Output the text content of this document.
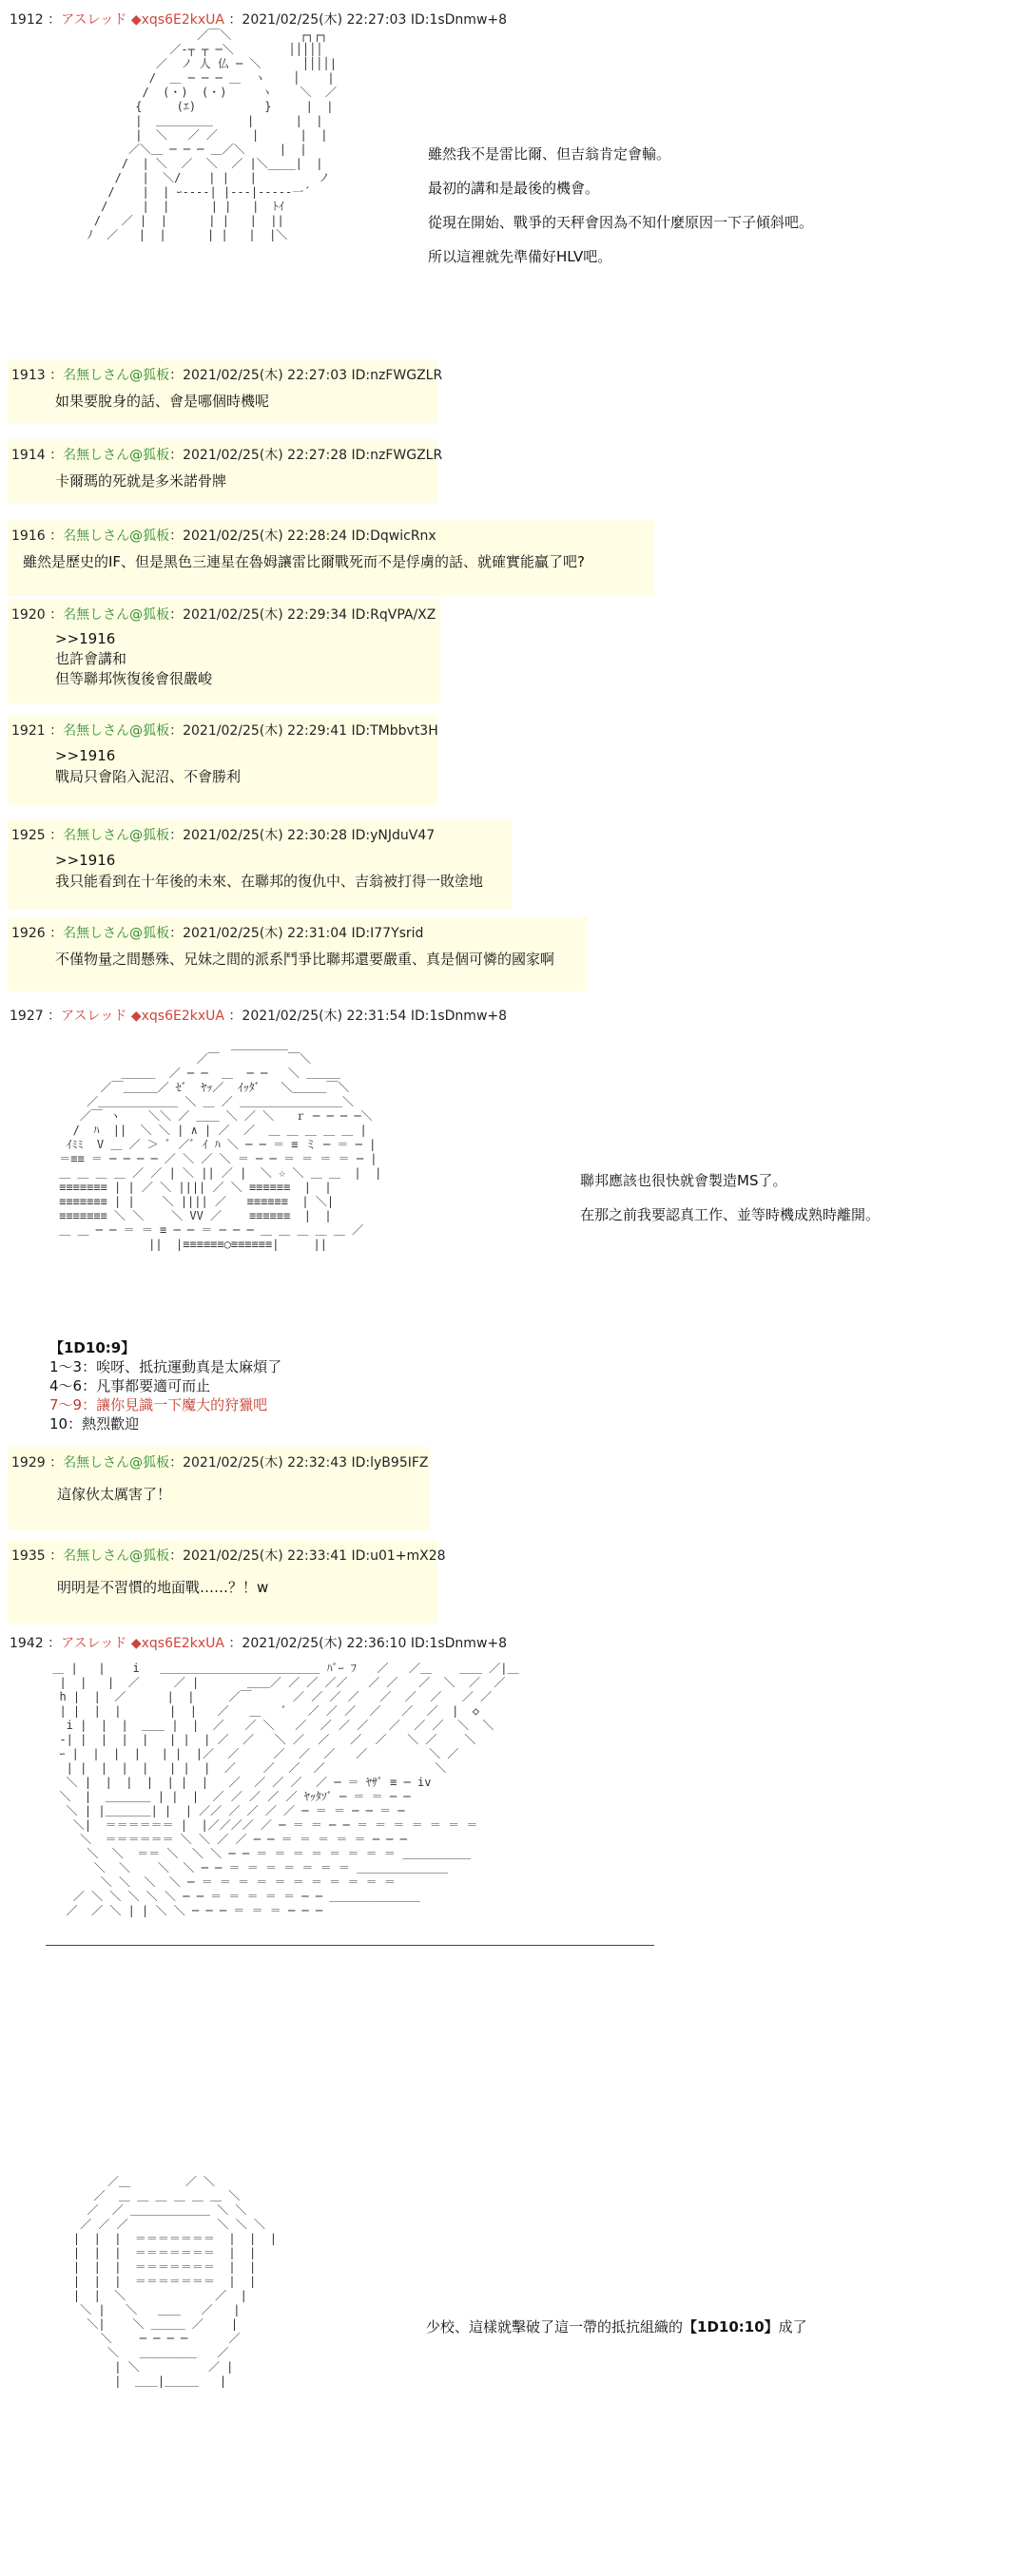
1912 ：アスレッド ◆xqs6E2kxUA ：2021/02/25(木) 22:27:03 ID:1sDnmw+8
／￣＼          ┌┐┌┐
／-┬ ┬ ─＼        │││││
／  ノ 人 仏 ─ ＼      ││││|
/  ＿ ─ ─ ─ ＿  ヽ    │    |
/  (・)  (・)     ヽ    ＼  ／
{     (ｴ)          }     |  |
|  ＿＿＿＿＿     |      |  |
|  ＼   ／ ／     |      |  |
／＼＿ ─ ─ ─ ＿／＼     |  |
/  | ＼  ／  ＼  ／ |＼____|  |
/   |  ＼/    | |   |         ノ
/    |  | ｰ----| |---|-----一´
/     |  |      | |   |  ﾄｲ
/   ／ |  |      | |   |  ||
ﾉ  ／   |  |      | |   |  |＼

雖然我不是雷比爾、但吉翁肯定會輸。
最初的講和是最後的機會。
從現在開始、戰爭的天秤會因為不知什麼原因一下子傾斜吧。
所以這裡就先準備好HLV吧。
1913 ：名無しさん@狐板：2021/02/25(木) 22:27:03 ID:nzFWGZLR
如果要脫身的話、會是哪個時機呢
1914 ：名無しさん@狐板：2021/02/25(木) 22:27:28 ID:nzFWGZLR
卡爾瑪的死就是多米諾骨牌
1916 ：名無しさん@狐板：2021/02/25(木) 22:28:24 ID:DqwicRnx
雖然是歷史的IF、但是黑色三連星在魯姆讓雷比爾戰死而不是俘虜的話、就確實能贏了吧?
1920 ：名無しさん@狐板：2021/02/25(木) 22:29:34 ID:RqVPA/XZ
>>1916
也許會講和
但等聯邦恢復後會很嚴峻
1921 ：名無しさん@狐板：2021/02/25(木) 22:29:41 ID:TMbbvt3H
>>1916
戰局只會陷入泥沼、不會勝利
1925 ：名無しさん@狐板：2021/02/25(木) 22:30:28 ID:yNJduV47
>>1916
我只能看到在十年後的未來、在聯邦的復仇中、吉翁被打得一敗塗地
1926 ：名無しさん@狐板：2021/02/25(木) 22:31:04 ID:I77Ysrid
不僅物量之間懸殊、兄妹之間的派系鬥爭比聯邦還要嚴重、真是個可憐的國家啊
1927 ：アスレッド ◆xqs6E2kxUA ：2021/02/25(木) 22:31:54 ID:1sDnmw+8
＿＿＿＿＿
／￣          ￣＼
＿＿＿  ／ ─ ─  ＿  ─ ─   ＼ ＿＿＿
／￣＿＿＿／ ｾﾞ  ﾔｯ／  ｲｯﾀﾞ   ＼＿＿＿￣＼
／＿＿＿＿＿＿＿ ＼ ＿ ／ ＿＿＿＿＿＿＿＿＿＼
／￣ ヽ    ＼＼ ／ ＿＿ ＼ ／ ＼   ｒ ─ ─ ─ ─＼
/  ﾊ  ||  ＼ ＼ | ∧ | ／  ／  ＿ ＿ ＿ ＿ ＿ |
ｲﾐﾐ  V ＿ ／ ＞ ﾞ ／ﾞ ｲ ﾊ ＼ ─ ─ ＝ ≡ ミ ─ ＝ ─ |
＝≡≡ ＝ ─ ─ ─ ─ ／ ＼ ／ ＼ ＝ ─ ─ ＝ ＝ ＝ ＝ ─ |
＿ ＿ ＿ ＿ ／ ／ | ＼ || ／ |  ＼ ☆ ＼ ＿ ＿  |  |
≡≡≡≡≡≡≡ | | ／ ＼ |||| ／ ＼ ≡≡≡≡≡≡  |  |
≡≡≡≡≡≡≡ | |    ＼ |||| ／   ≡≡≡≡≡≡  | ＼|
≡≡≡≡≡≡≡ ＼ ＼    ＼ VV ／    ≡≡≡≡≡≡  |  |
＿ ＿ ─ ─ ＝ ＝ ≡ ─ ─ ＝ ─ ─ ─ ＿ ＿ ＿ ＿ ＿ ／
||  |≡≡≡≡≡≡○≡≡≡≡≡≡|     ||

聯邦應該也很快就會製造MS了。
在那之前我要認真工作、並等時機成熟時離開。
【1D10:9】
1～3：唉呀、抵抗運動真是太麻煩了
4～6：凡事都要適可而止
7～9：讓你見識一下魔大的狩獵吧
10：熱烈歡迎
1929 ：名無しさん@狐板：2021/02/25(木) 22:32:43 ID:lyB95IFZ
這傢伙太厲害了！
1935 ：名無しさん@狐板：2021/02/25(木) 22:33:41 ID:u01+mX28
明明是不習慣的地面戰……？！w
1942 ：アスレッド ◆xqs6E2kxUA ：2021/02/25(木) 22:36:10 ID:1sDnmw+8
＿ |   |    i   ＿＿＿＿＿＿＿＿＿＿＿＿＿＿ ﾊﾞｰ ﾌ   ／   ／＿    ＿＿ ／|＿
|  |   |  ／     ／ |       ＿＿／ ／ ／ ／／   ／ ／   ／  ＼  ／  ／
h |  |  ／      |  |     ／￣      ／ ／ ／ ／   ／  ／  ／   ／ ／
| |  |  |       |  |   ／   ＿   ﾞ   ／ ／ ／  ／   ／  ／  |  ◇
i |  |  |  ＿＿ |  |  ／   ／ ＼   ／  ／ ／ ／   ／  ／ ／  ＼  ＼
-| |  |  |  |   | |  | ／  ／   ＼ ／  ／   ／  ／   ＼ ／    ＼
ｰ |  |  |  |   | |  |／  ／     ／  ／  ／   ／         ＼ ／
| |  |  |  |   | |  |  ／    ／  ／  ／                ＼
＼ |  |  |  |  | |  |   ／  ／ ／ ／  ／ ─ ＝ ﾔｻﾞ ≡ ─ iv
＼  |  ＿＿＿＿ | |  |  ／ ／ ／ ／ ／ ﾔｯﾀｿﾞ ─ ＝ ＝ ─ ─
＼ | |＿＿＿＿| |  | ／／ ／ ／ ／ ／ ─ ＝ ＝ ─ ─ ＝ ─
＼|  ＝＝＝＝＝＝ |  |／／／／ ／ ─ ＝ ＝ ─ ─ ＝ ＝ ＝ ＝ ＝ ＝ ＝
＼  ＝＝＝＝＝＝ ＼ ＼ ／ ／ ─ ─ ＝ ＝ ＝ ＝ ＝ ─ ─ ─
＼  ＼  ＝＝ ＼  ＼ ＼ ─ ─ ＝ ＝ ＝ ＝ ＝ ＝ ＝ ＝ ＿＿＿＿＿＿
＼  ＼    ＼  ＼ ─ ─ ＝ ＝ ＝ ＝ ＝ ＝ ＝ ＿＿＿＿＿＿＿＿
＼ ＼  ＼  ＼ ─ ＝ ＝ ＝ ＝ ＝ ＝ ＝ ＝ ＝ ＝ ＝
／ ＼ ＼ ＼ ＼ ＼ ─ ─ ＝ ＝ ＝ ＝ ＝ ─ ─ ＿＿＿＿＿＿＿＿
／  ／ ＼ | | ＼ ＼ ─ ─ ─ ＝ ＝ ＝ ─ ─ ─

／＿        ／ ＼
／  ＿ ＿ ＿ ＿ ＿ ＿ ＼
／  ／ ＿＿＿＿＿＿＿ ＼ ＼
／ ／ ／             ＼ ＼ ＼
|  |  |  ＝＝＝＝＝＝＝  |  |  |
|  |  |  ＝＝＝＝＝＝＝  |  |
|  |  |  ＝＝＝＝＝＝＝  |  |
|  |  |  ＝＝＝＝＝＝＝  |  |
|  |  ＼             ／  |
＼ |   ＼   ＿＿   ／   |
＼|    ＼ ＿＿＿ ／    |
＼    ─ ─ ─ ─      ／
＼   ＿＿＿＿＿   ／
| ＼          ／ |
|  ＿＿|＿＿＿   |

少校、這樣就擊破了這一帶的抵抗組織的【1D10:10】成了
